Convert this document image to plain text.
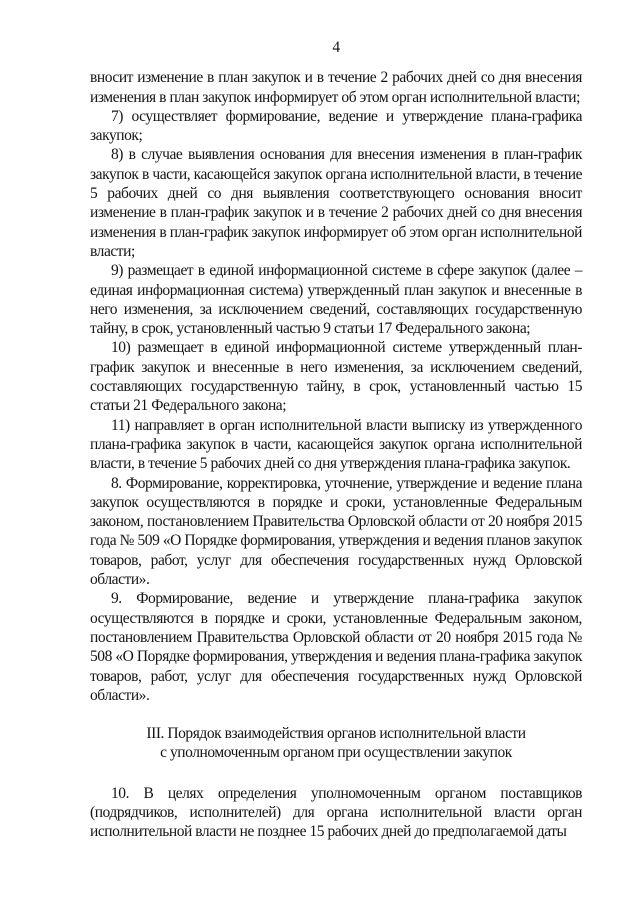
4

вносит изменение в план закупок и в течение 2 рабочих дней со дня внесения изменения в план закупок информирует об этом орган исполнительной власти;

7) осуществляет формирование, ведение и утверждение плана-графика закупок;

8) в случае выявления основания для внесения изменения в план-график закупок в части, касающейся закупок органа исполнительной власти, в течение 5 рабочих дней со дня выявления соответствующего основания вносит изменение в план-график закупок и в течение 2 рабочих дней со дня внесения изменения в план-график закупок информирует об этом орган исполнительной власти;

9) размещает в единой информационной системе в сфере закупок (далее – единая информационная система) утвержденный план закупок и внесенные в него изменения, за исключением сведений, составляющих государственную тайну, в срок, установленный частью 9 статьи 17 Федерального закона;

10) размещает в единой информационной системе утвержденный план-график закупок и внесенные в него изменения, за исключением сведений, составляющих государственную тайну, в срок, установленный частью 15 статьи 21 Федерального закона;

11) направляет в орган исполнительной власти выписку из утвержденного плана-графика закупок в части, касающейся закупок органа исполнительной власти, в течение 5 рабочих дней со дня утверждения плана-графика закупок.

8. Формирование, корректировка, уточнение, утверждение и ведение плана закупок осуществляются в порядке и сроки, установленные Федеральным законом, постановлением Правительства Орловской области от 20 ноября 2015 года № 509 «О Порядке формирования, утверждения и ведения планов закупок товаров, работ, услуг для обеспечения государственных нужд Орловской области».

9. Формирование, ведение и утверждение плана-графика закупок осуществляются в порядке и сроки, установленные Федеральным законом, постановлением Правительства Орловской области от 20 ноября 2015 года № 508 «О Порядке формирования, утверждения и ведения плана-графика закупок товаров, работ, услуг для обеспечения государственных нужд Орловской области».

III. Порядок взаимодействия органов исполнительной власти
с уполномоченным органом при осуществлении закупок

10. В целях определения уполномоченным органом поставщиков (подрядчиков, исполнителей) для органа исполнительной власти орган исполнительной власти не позднее 15 рабочих дней до предполагаемой даты
